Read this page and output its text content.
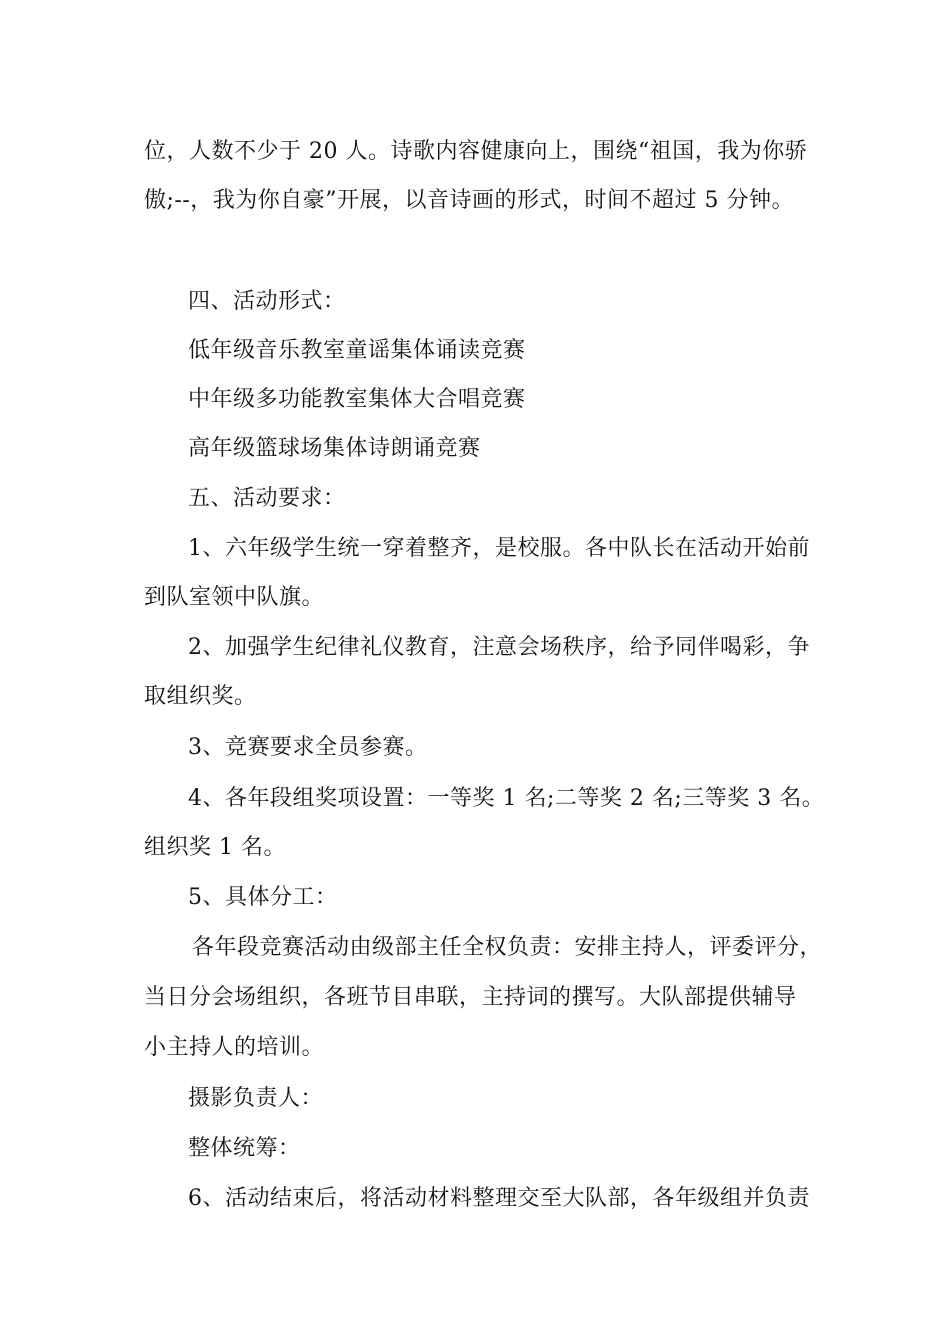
位，人数不少于 20 人。诗歌内容健康向上，围绕“祖国，我为你骄
傲;--，我为你自豪”开展，以音诗画的形式，时间不超过 5 分钟。
四、活动形式：
低年级音乐教室童谣集体诵读竞赛
中年级多功能教室集体大合唱竞赛
高年级篮球场集体诗朗诵竞赛
五、活动要求：
1、六年级学生统一穿着整齐，是校服。各中队长在活动开始前
到队室领中队旗。
2、加强学生纪律礼仪教育，注意会场秩序，给予同伴喝彩，争
取组织奖。
3、竞赛要求全员参赛。
4、各年段组奖项设置：一等奖 1 名;二等奖 2 名;三等奖 3 名。
组织奖 1 名。
5、具体分工：
各年段竞赛活动由级部主任全权负责：安排主持人，评委评分，
当日分会场组织，各班节目串联，主持词的撰写。大队部提供辅导
小主持人的培训。
摄影负责人：
整体统筹：
6、活动结束后，将活动材料整理交至大队部，各年级组并负责
